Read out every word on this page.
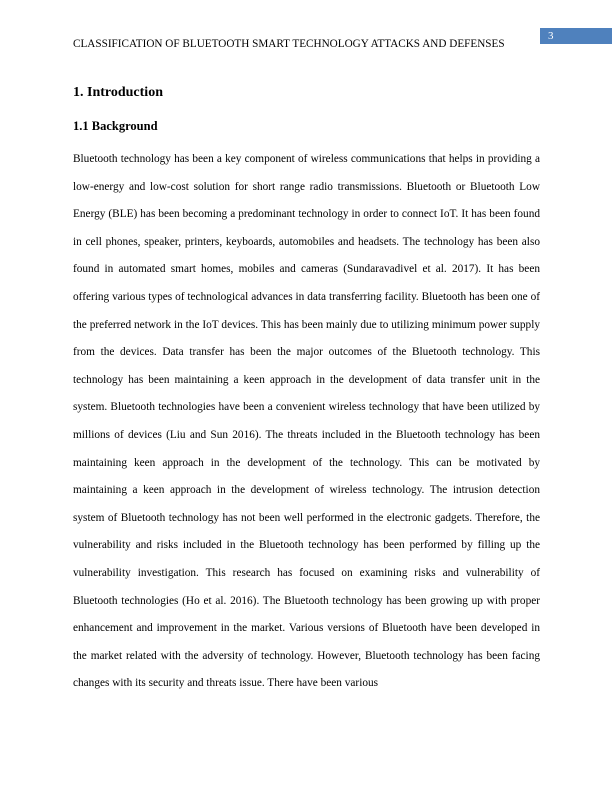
CLASSIFICATION OF BLUETOOTH SMART TECHNOLOGY ATTACKS AND DEFENSES
3
1. Introduction
1.1 Background

Bluetooth technology has been a key component of wireless communications that helps in providing a low-energy and low-cost solution for short range radio transmissions. Bluetooth or Bluetooth Low Energy (BLE) has been becoming a predominant technology in order to connect IoT. It has been found in cell phones, speaker, printers, keyboards, automobiles and headsets. The technology has been also found in automated smart homes, mobiles and cameras (Sundaravadivel et al. 2017). It has been offering various types of technological advances in data transferring facility. Bluetooth has been one of the preferred network in the IoT devices. This has been mainly due to utilizing minimum power supply from the devices. Data transfer has been the major outcomes of the Bluetooth technology. This technology has been maintaining a keen approach in the development of data transfer unit in the system. Bluetooth technologies have been a convenient wireless technology that have been utilized by millions of devices (Liu and Sun 2016). The threats included in the Bluetooth technology has been maintaining keen approach in the development of the technology. This can be motivated by maintaining a keen approach in the development of wireless technology. The intrusion detection system of Bluetooth technology has not been well performed in the electronic gadgets. Therefore, the vulnerability and risks included in the Bluetooth technology has been performed by filling up the vulnerability investigation. This research has focused on examining risks and vulnerability of Bluetooth technologies (Ho et al. 2016). The Bluetooth technology has been growing up with proper enhancement and improvement in the market. Various versions of Bluetooth have been developed in the market related with the adversity of technology. However, Bluetooth technology has been facing changes with its security and threats issue. There have been various
